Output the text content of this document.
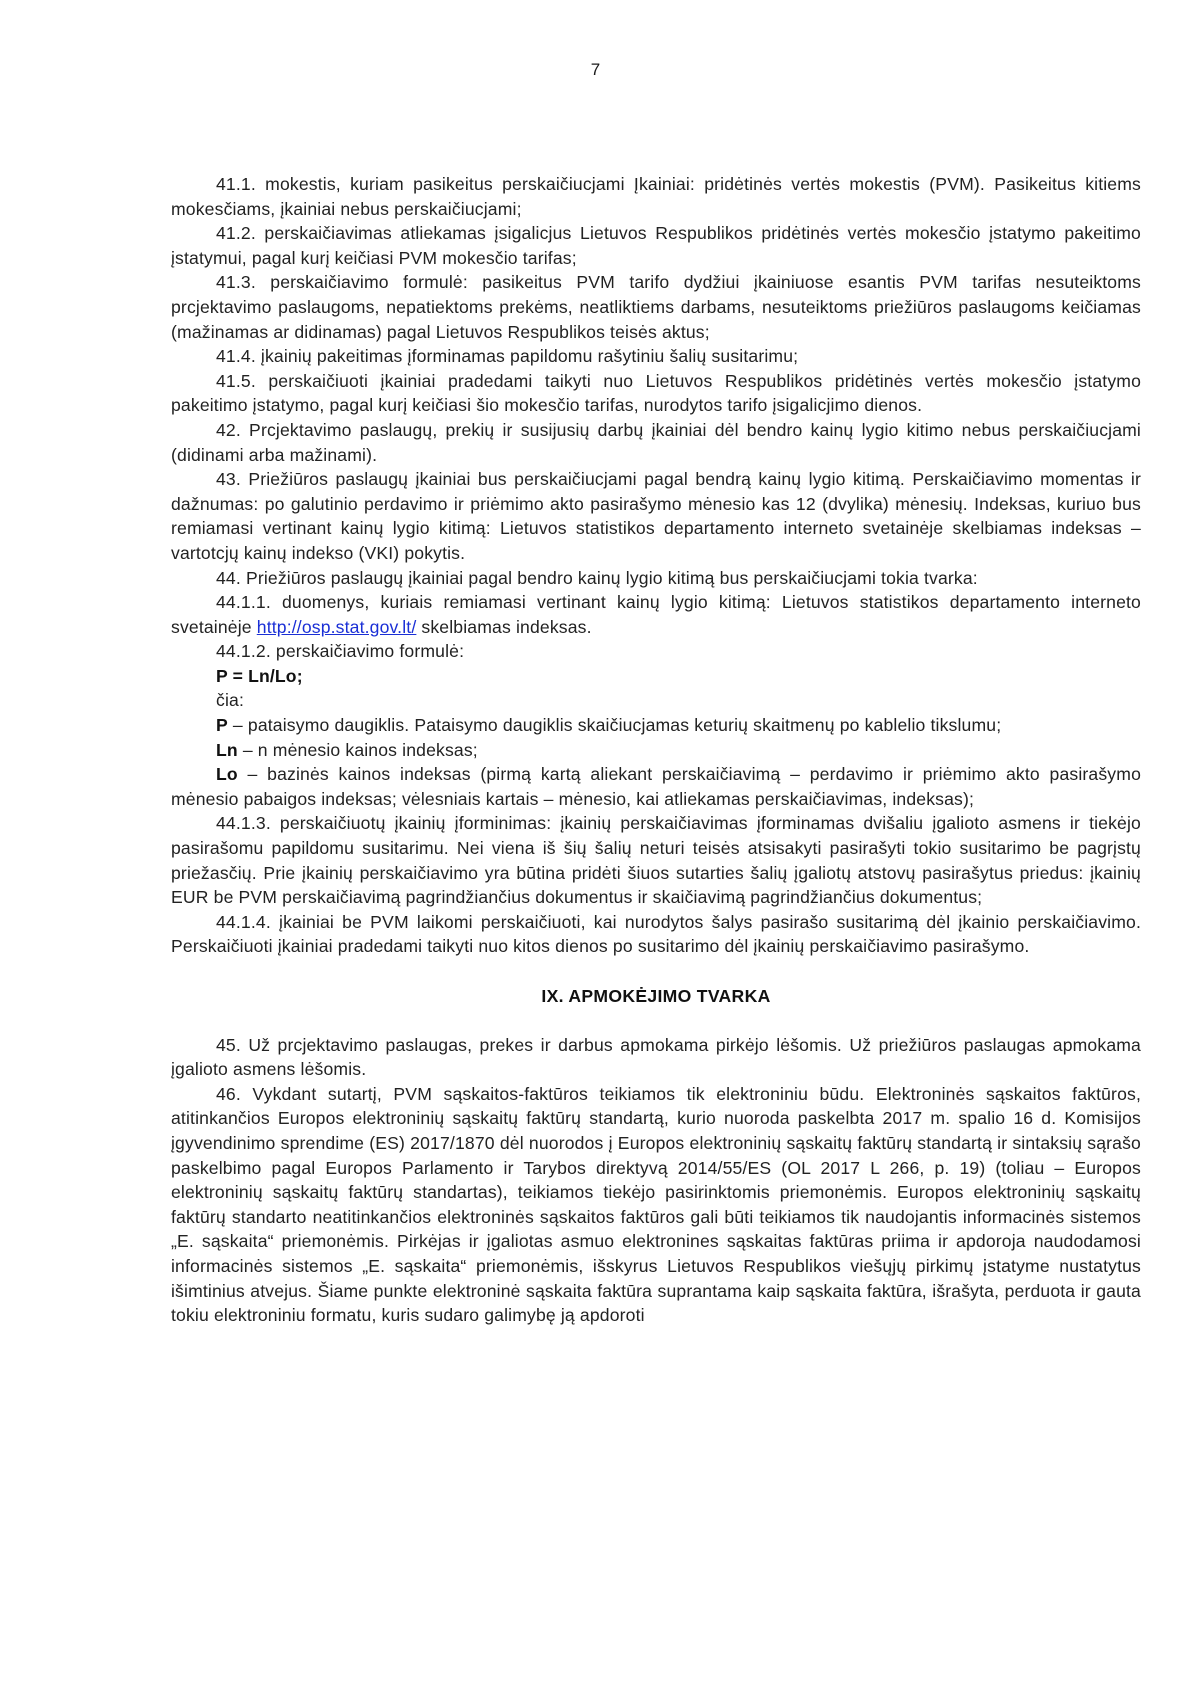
7

41.1. mokestis, kuriam pasikeitus perskaičiucjami Įkainiai: pridėtinės vertės mokestis (PVM). Pasikeitus kitiems mokesčiams, įkainiai nebus perskaičiucjami;

41.2. perskaičiavimas atliekamas įsigalicjus Lietuvos Respublikos pridėtinės vertės mokesčio įstatymo pakeitimo įstatymui, pagal kurį keičiasi PVM mokesčio tarifas;

41.3. perskaičiavimo formulė: pasikeitus PVM tarifo dydžiui įkainiuose esantis PVM tarifas nesuteiktoms prcjektavimo paslaugoms, nepatiektoms prekėms, neatliktiems darbams, nesuteiktoms priežiūros paslaugoms keičiamas (mažinamas ar didinamas) pagal Lietuvos Respublikos teisės aktus;

41.4. įkainių pakeitimas įforminamas papildomu rašytiniu šalių susitarimu;

41.5. perskaičiuoti įkainiai pradedami taikyti nuo Lietuvos Respublikos pridėtinės vertės mokesčio įstatymo pakeitimo įstatymo, pagal kurį keičiasi šio mokesčio tarifas, nurodytos tarifo įsigalicjimo dienos.

42. Prcjektavimo paslaugų, prekių ir susijusių darbų įkainiai dėl bendro kainų lygio kitimo nebus perskaičiucjami (didinami arba mažinami).

43. Priežiūros paslaugų įkainiai bus perskaičiucjami pagal bendrą kainų lygio kitimą. Perskaičiavimo momentas ir dažnumas: po galutinio perdavimo ir priėmimo akto pasirašymo mėnesio kas 12 (dvylika) mėnesių. Indeksas, kuriuo bus remiamasi vertinant kainų lygio kitimą: Lietuvos statistikos departamento interneto svetainėje skelbiamas indeksas – vartotcjų kainų indekso (VKI) pokytis.

44. Priežiūros paslaugų įkainiai pagal bendro kainų lygio kitimą bus perskaičiucjami tokia tvarka:

44.1.1. duomenys, kuriais remiamasi vertinant kainų lygio kitimą: Lietuvos statistikos departamento interneto svetainėje http://osp.stat.gov.lt/ skelbiamas indeksas.

44.1.2. perskaičiavimo formulė:

P = Ln/Lo;

čia:

P – pataisymo daugiklis. Pataisymo daugiklis skaičiucjamas keturių skaitmenų po kablelio tikslumu;

Ln – n mėnesio kainos indeksas;

Lo – bazinės kainos indeksas (pirmą kartą aliekant perskaičiavimą – perdavimo ir priėmimo akto pasirašymo mėnesio pabaigos indeksas; vėlesniais kartais – mėnesio, kai atliekamas perskaičiavimas, indeksas);

44.1.3. perskaičiuotų įkainių įforminimas: įkainių perskaičiavimas įforminamas dvišaliu įgalioto asmens ir tiekėjo pasirašomu papildomu susitarimu. Nei viena iš šių šalių neturi teisės atsisakyti pasirašyti tokio susitarimo be pagrįstų priežasčių. Prie įkainių perskaičiavimo yra būtina pridėti šiuos sutarties šalių įgaliotų atstovų pasirašytus priedus: įkainių EUR be PVM perskaičiavimą pagrindžiančius dokumentus ir skaičiavimą pagrindžiančius dokumentus;

44.1.4. įkainiai be PVM laikomi perskaičiuoti, kai nurodytos šalys pasirašo susitarimą dėl įkainio perskaičiavimo. Perskaičiuoti įkainiai pradedami taikyti nuo kitos dienos po susitarimo dėl įkainių perskaičiavimo pasirašymo.

IX. APMOKĖJIMO TVARKA

45. Už prcjektavimo paslaugas, prekes ir darbus apmokama pirkėjo lėšomis. Už priežiūros paslaugas apmokama įgalioto asmens lėšomis.

46. Vykdant sutartį, PVM sąskaitos-faktūros teikiamos tik elektroniniu būdu. Elektroninės sąskaitos faktūros, atitinkančios Europos elektroninių sąskaitų faktūrų standartą, kurio nuoroda paskelbta 2017 m. spalio 16 d. Komisijos įgyvendinimo sprendime (ES) 2017/1870 dėl nuorodos į Europos elektroninių sąskaitų faktūrų standartą ir sintaksių sąrašo paskelbimo pagal Europos Parlamento ir Tarybos direktyvą 2014/55/ES (OL 2017 L 266, p. 19) (toliau – Europos elektroninių sąskaitų faktūrų standartas), teikiamos tiekėjo pasirinktomis priemonėmis. Europos elektroninių sąskaitų faktūrų standarto neatitinkančios elektroninės sąskaitos faktūros gali būti teikiamos tik naudojantis informacinės sistemos „E. sąskaita“ priemonėmis. Pirkėjas ir įgaliotas asmuo elektronines sąskaitas faktūras priima ir apdoroja naudodamosi informacinės sistemos „E. sąskaita“ priemonėmis, išskyrus Lietuvos Respublikos viešųjų pirkimų įstatyme nustatytus išimtinius atvejus. Šiame punkte elektroninė sąskaita faktūra suprantama kaip sąskaita faktūra, išrašyta, perduota ir gauta tokiu elektroniniu formatu, kuris sudaro galimybę ją apdoroti
